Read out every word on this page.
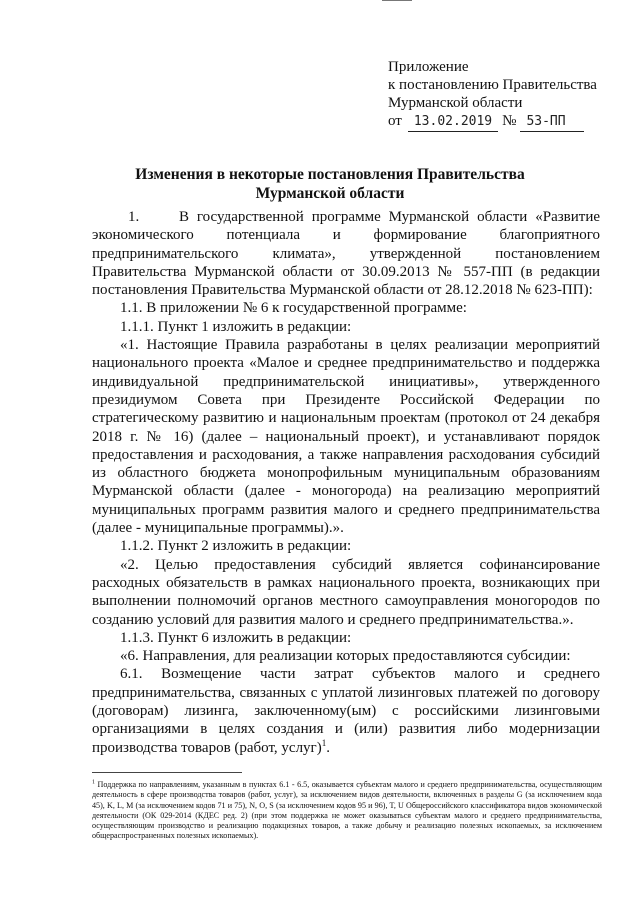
Приложение
к постановлению Правительства
Мурманской области
от 13.02.2019 № 53-ПП
Изменения в некоторые постановления Правительства
Мурманской области

1.     В государственной программе Мурманской области «Развитие экономического потенциала и формирование благоприятного предпринимательского климата», утвержденной постановлением Правительства Мурманской области от 30.09.2013 № 557-ПП (в редакции постановления Правительства Мурманской области от 28.12.2018 № 623-ПП):

1.1. В приложении № 6 к государственной программе:

1.1.1. Пункт 1 изложить в редакции:

«1. Настоящие Правила разработаны в целях реализации мероприятий национального проекта «Малое и среднее предпринимательство и поддержка индивидуальной предпринимательской инициативы», утвержденного президиумом Совета при Президенте Российской Федерации по стратегическому развитию и национальным проектам (протокол от 24 декабря 2018 г. № 16) (далее – национальный проект), и устанавливают порядок предоставления и расходования, а также направления расходования субсидий из областного бюджета монопрофильным муниципальным образованиям Мурманской области (далее - моногорода) на реализацию мероприятий муниципальных программ развития малого и среднего предпринимательства (далее - муниципальные программы).».

1.1.2. Пункт 2 изложить в редакции:

«2. Целью предоставления субсидий является софинансирование расходных обязательств в рамках национального проекта, возникающих при выполнении полномочий органов местного самоуправления моногородов по созданию условий для развития малого и среднего предпринимательства.».

1.1.3. Пункт 6 изложить в редакции:

«6. Направления, для реализации которых предоставляются субсидии:

6.1. Возмещение части затрат субъектов малого и среднего предпринимательства, связанных с уплатой лизинговых платежей по договору (договорам) лизинга, заключенному(ым) с российскими лизинговыми организациями в целях создания и (или) развития либо модернизации производства товаров (работ, услуг)$^1$.

$^1$ Поддержка по направлениям, указанным в пунктах 6.1 - 6.5, оказывается субъектам малого и среднего предпринимательства, осуществляющим деятельность в сфере производства товаров (работ, услуг), за исключением видов деятельности, включенных в разделы G (за исключением кода 45), K, L, M (за исключением кодов 71 и 75), N, O, S (за исключением кодов 95 и 96), T, U Общероссийского классификатора видов экономической деятельности (ОК 029-2014 (КДЕС ред. 2) (при этом поддержка не может оказываться субъектам малого и среднего предпринимательства, осуществляющим производство и реализацию подакцизных товаров, а также добычу и реализацию полезных ископаемых, за исключением общераспространенных полезных ископаемых).
